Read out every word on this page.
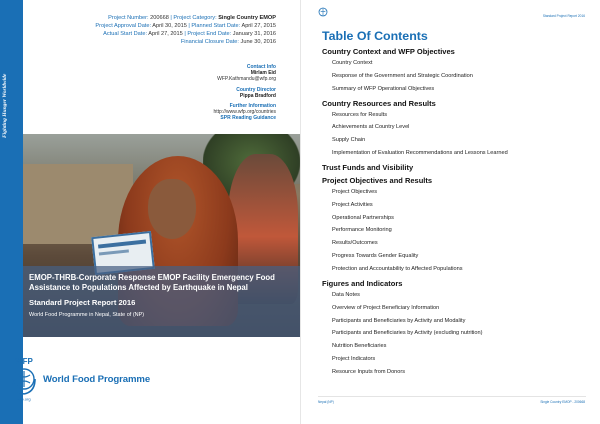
Fighting Hunger Worldwide
Project Number: 200668 | Project Category: Single Country EMOP
Project Approval Date: April 30, 2015 | Planned Start Date: April 27, 2015
Actual Start Date: April 27, 2015 | Project End Date: January 31, 2016
Financial Closure Date: June 30, 2016
Contact Info
Mirlam Eid
WFP.Kathmandu@wfp.org
Country Director
Pippa Bradford
Further Information
http://www.wfp.org/countries
SPR Reading Guidance
EMOP-THRB-Corporate Response EMOP Facility Emergency Food Assistance to Populations Affected by Earthquake in Nepal
Standard Project Report 2016
World Food Programme in Nepal, State of (NP)
WFP
wfp.org
World Food Programme
Standard Project Report 2016
Table Of Contents
Country Context and WFP Objectives
Country Context
Response of the Government and Strategic Coordination
Summary of WFP Operational Objectives
Country Resources and Results
Resources for Results
Achievements at Country Level
Supply Chain
Implementation of Evaluation Recommendations and Lessons Learned
Trust Funds and Visibility
Project Objectives and Results
Project Objectives
Project Activities
Operational Partnerships
Performance Monitoring
Results/Outcomes
Progress Towards Gender Equality
Protection and Accountability to Affected Populations
Figures and Indicators
Data Notes
Overview of Project Beneficiary Information
Participants and Beneficiaries by Activity and Modality
Participants and Beneficiaries by Activity (excluding nutrition)
Nutrition Beneficiaries
Project Indicators
Resource Inputs from Donors
Nepal (NP)	Single Country EMOP - 200668
